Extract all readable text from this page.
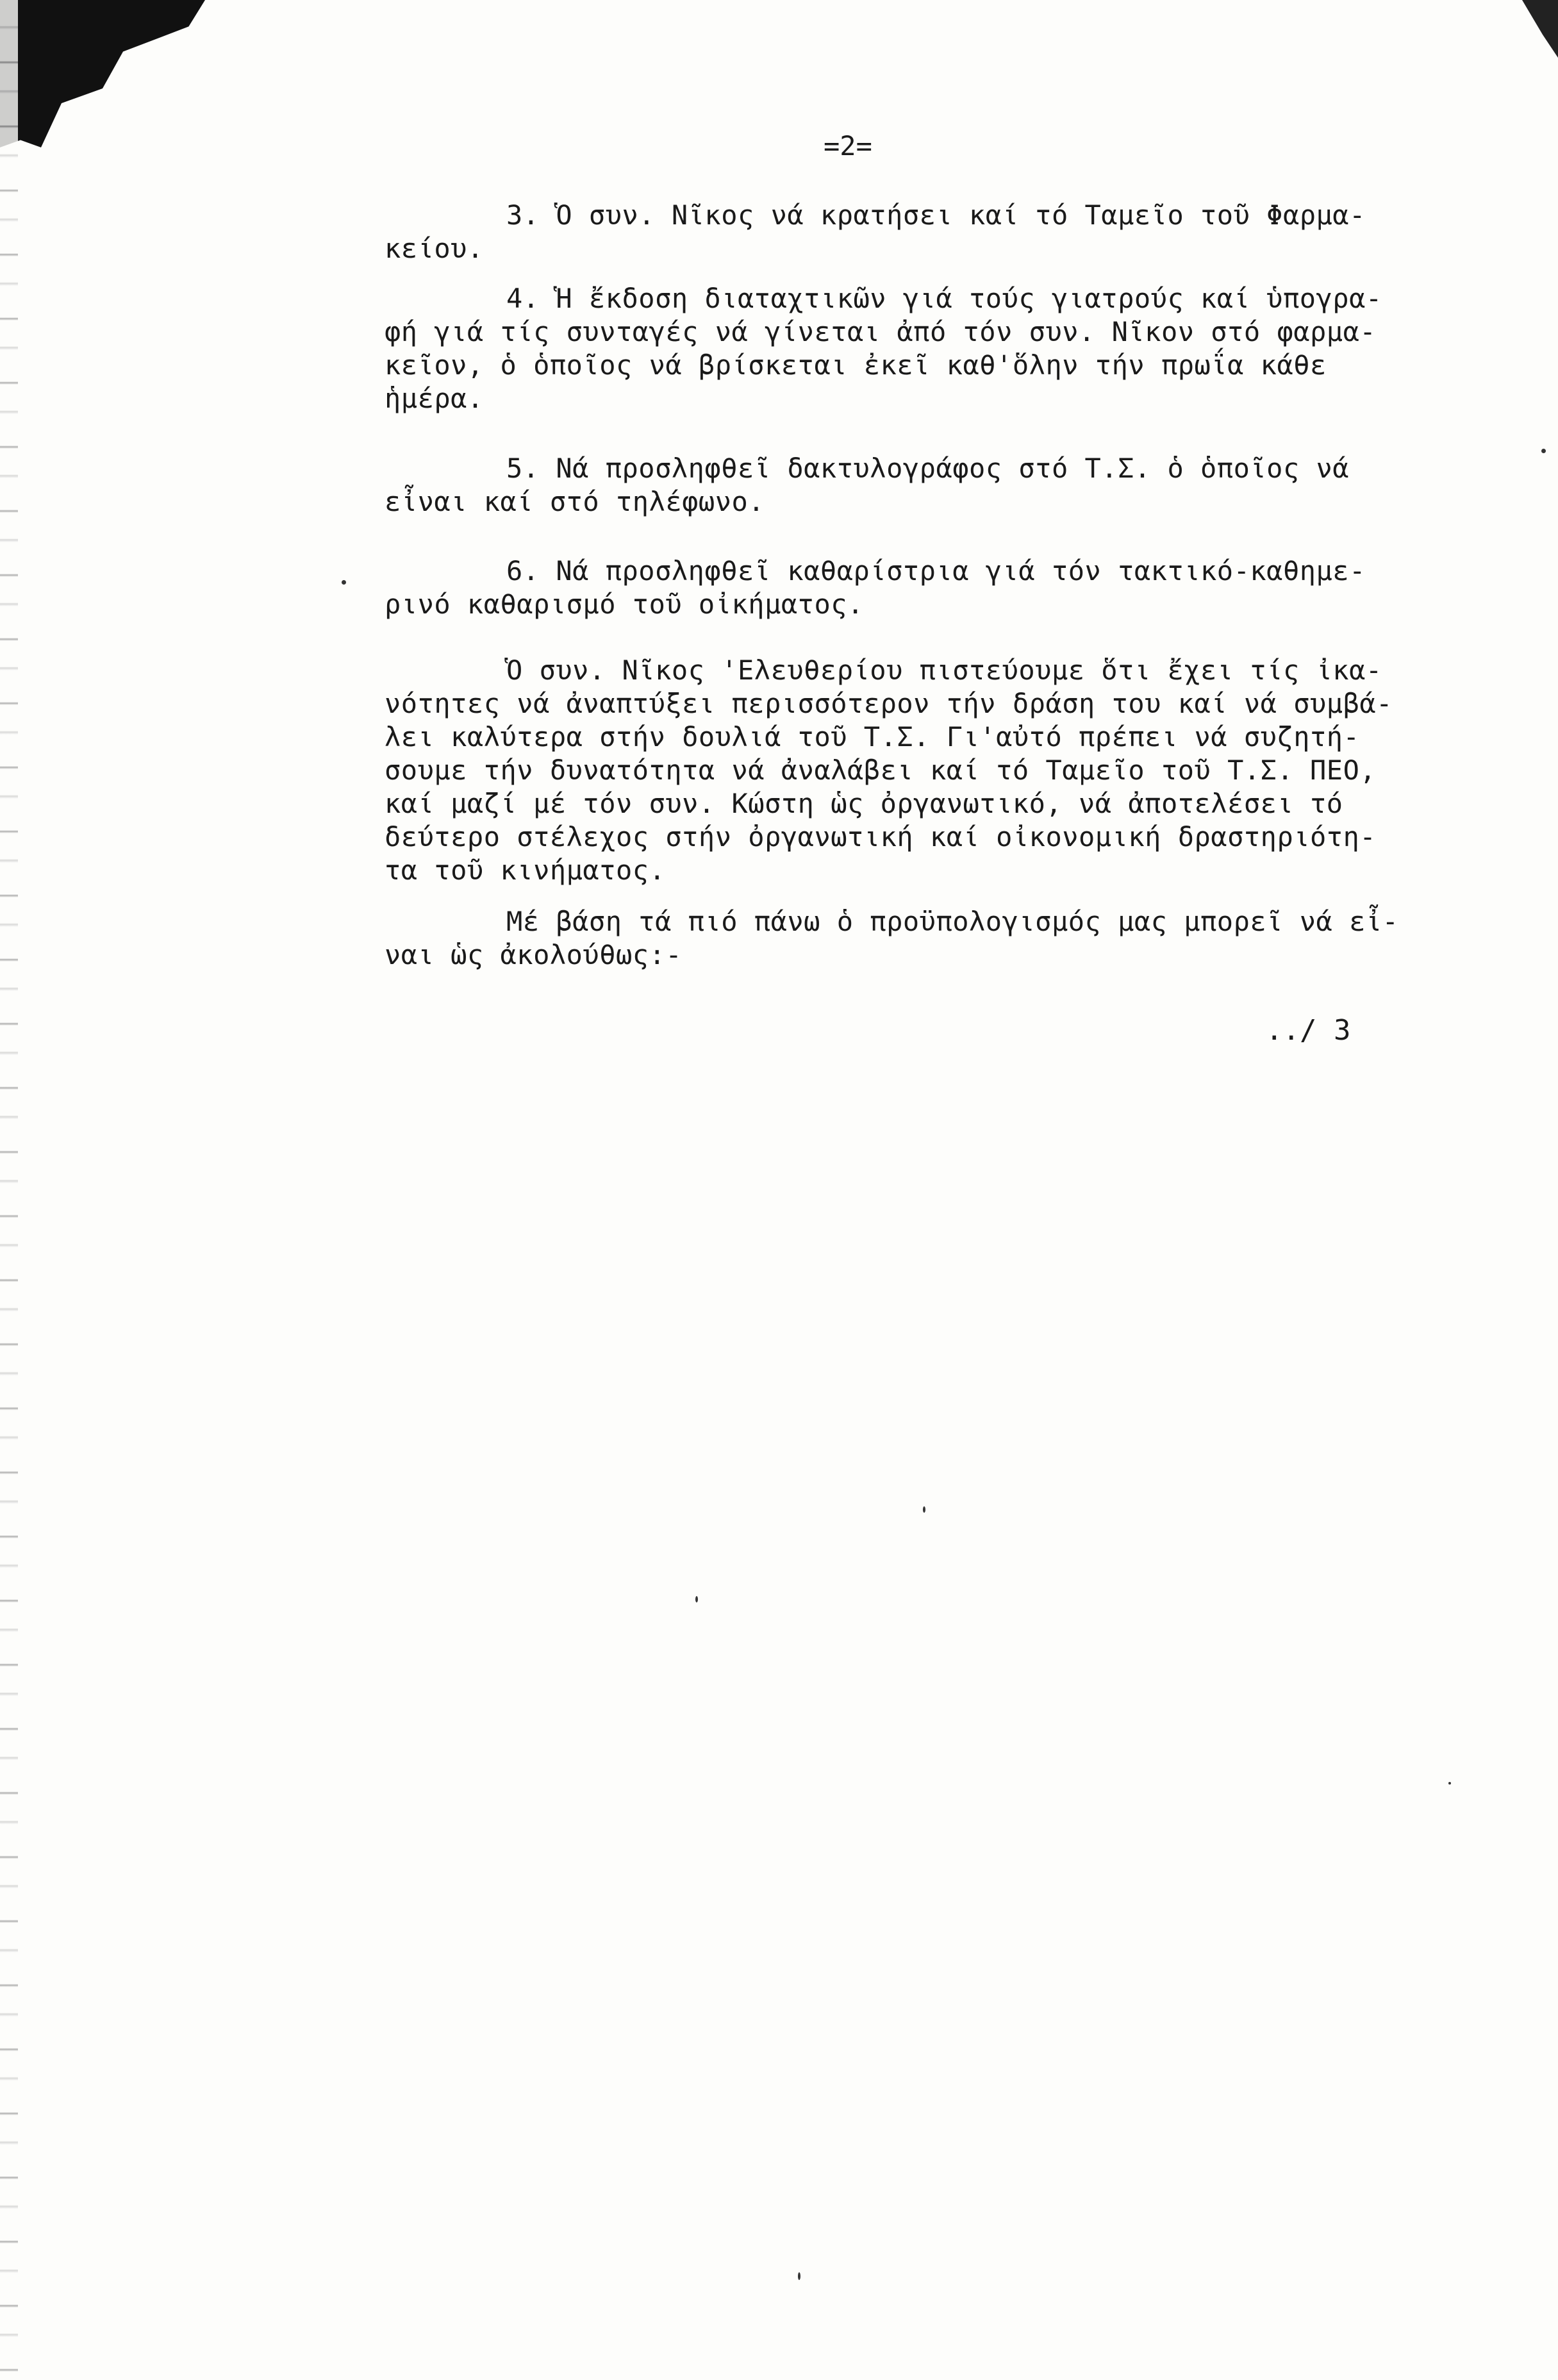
=2=
3. Ὁ συν. Νῖκος νά κρατήσει καί τό Ταμεῖο τοῦ Φαρμα-
κείου.
4. Ἡ ἔκδοση διαταχτικῶν γιά τούς γιατρούς καί ὑπογρα-
φή γιά τίς συνταγές νά γίνεται ἀπό τόν συν. Νῖκον στό φαρμα-
κεῖον, ὁ ὁποῖος νά βρίσκεται ἐκεῖ καθ'ὅλην τήν πρωΐα κάθε
ἡμέρα.
5. Νά προσληφθεῖ δακτυλογράφος στό Τ.Σ. ὁ ὁποῖος νά
εἶναι καί στό τηλέφωνο.
6. Νά προσληφθεῖ καθαρίστρια γιά τόν τακτικό-καθημε-
ρινό καθαρισμό τοῦ οἰκήματος.
Ὁ συν. Νῖκος 'Ελευθερίου πιστεύουμε ὅτι ἔχει τίς ἰκα-
νότητες νά ἀναπτύξει περισσότερον τήν δράση του καί νά συμβά-
λει καλύτερα στήν δουλιά τοῦ Τ.Σ. Γι'αὐτό πρέπει νά συζητή-
σουμε τήν δυνατότητα νά ἀναλάβει καί τό Ταμεῖο τοῦ Τ.Σ. ΠΕΟ,
καί μαζί μέ τόν συν. Κώστη ὡς ὀργανωτικό, νά ἀποτελέσει τό
δεύτερο στέλεχος στήν ὀργανωτική καί οἰκονομική δραστηριότη-
τα τοῦ κινήματος.
Μέ βάση τά πιό πάνω ὁ προϋπολογισμός μας μπορεῖ νά εἶ-
ναι ὡς ἀκολούθως:-
../ 3
